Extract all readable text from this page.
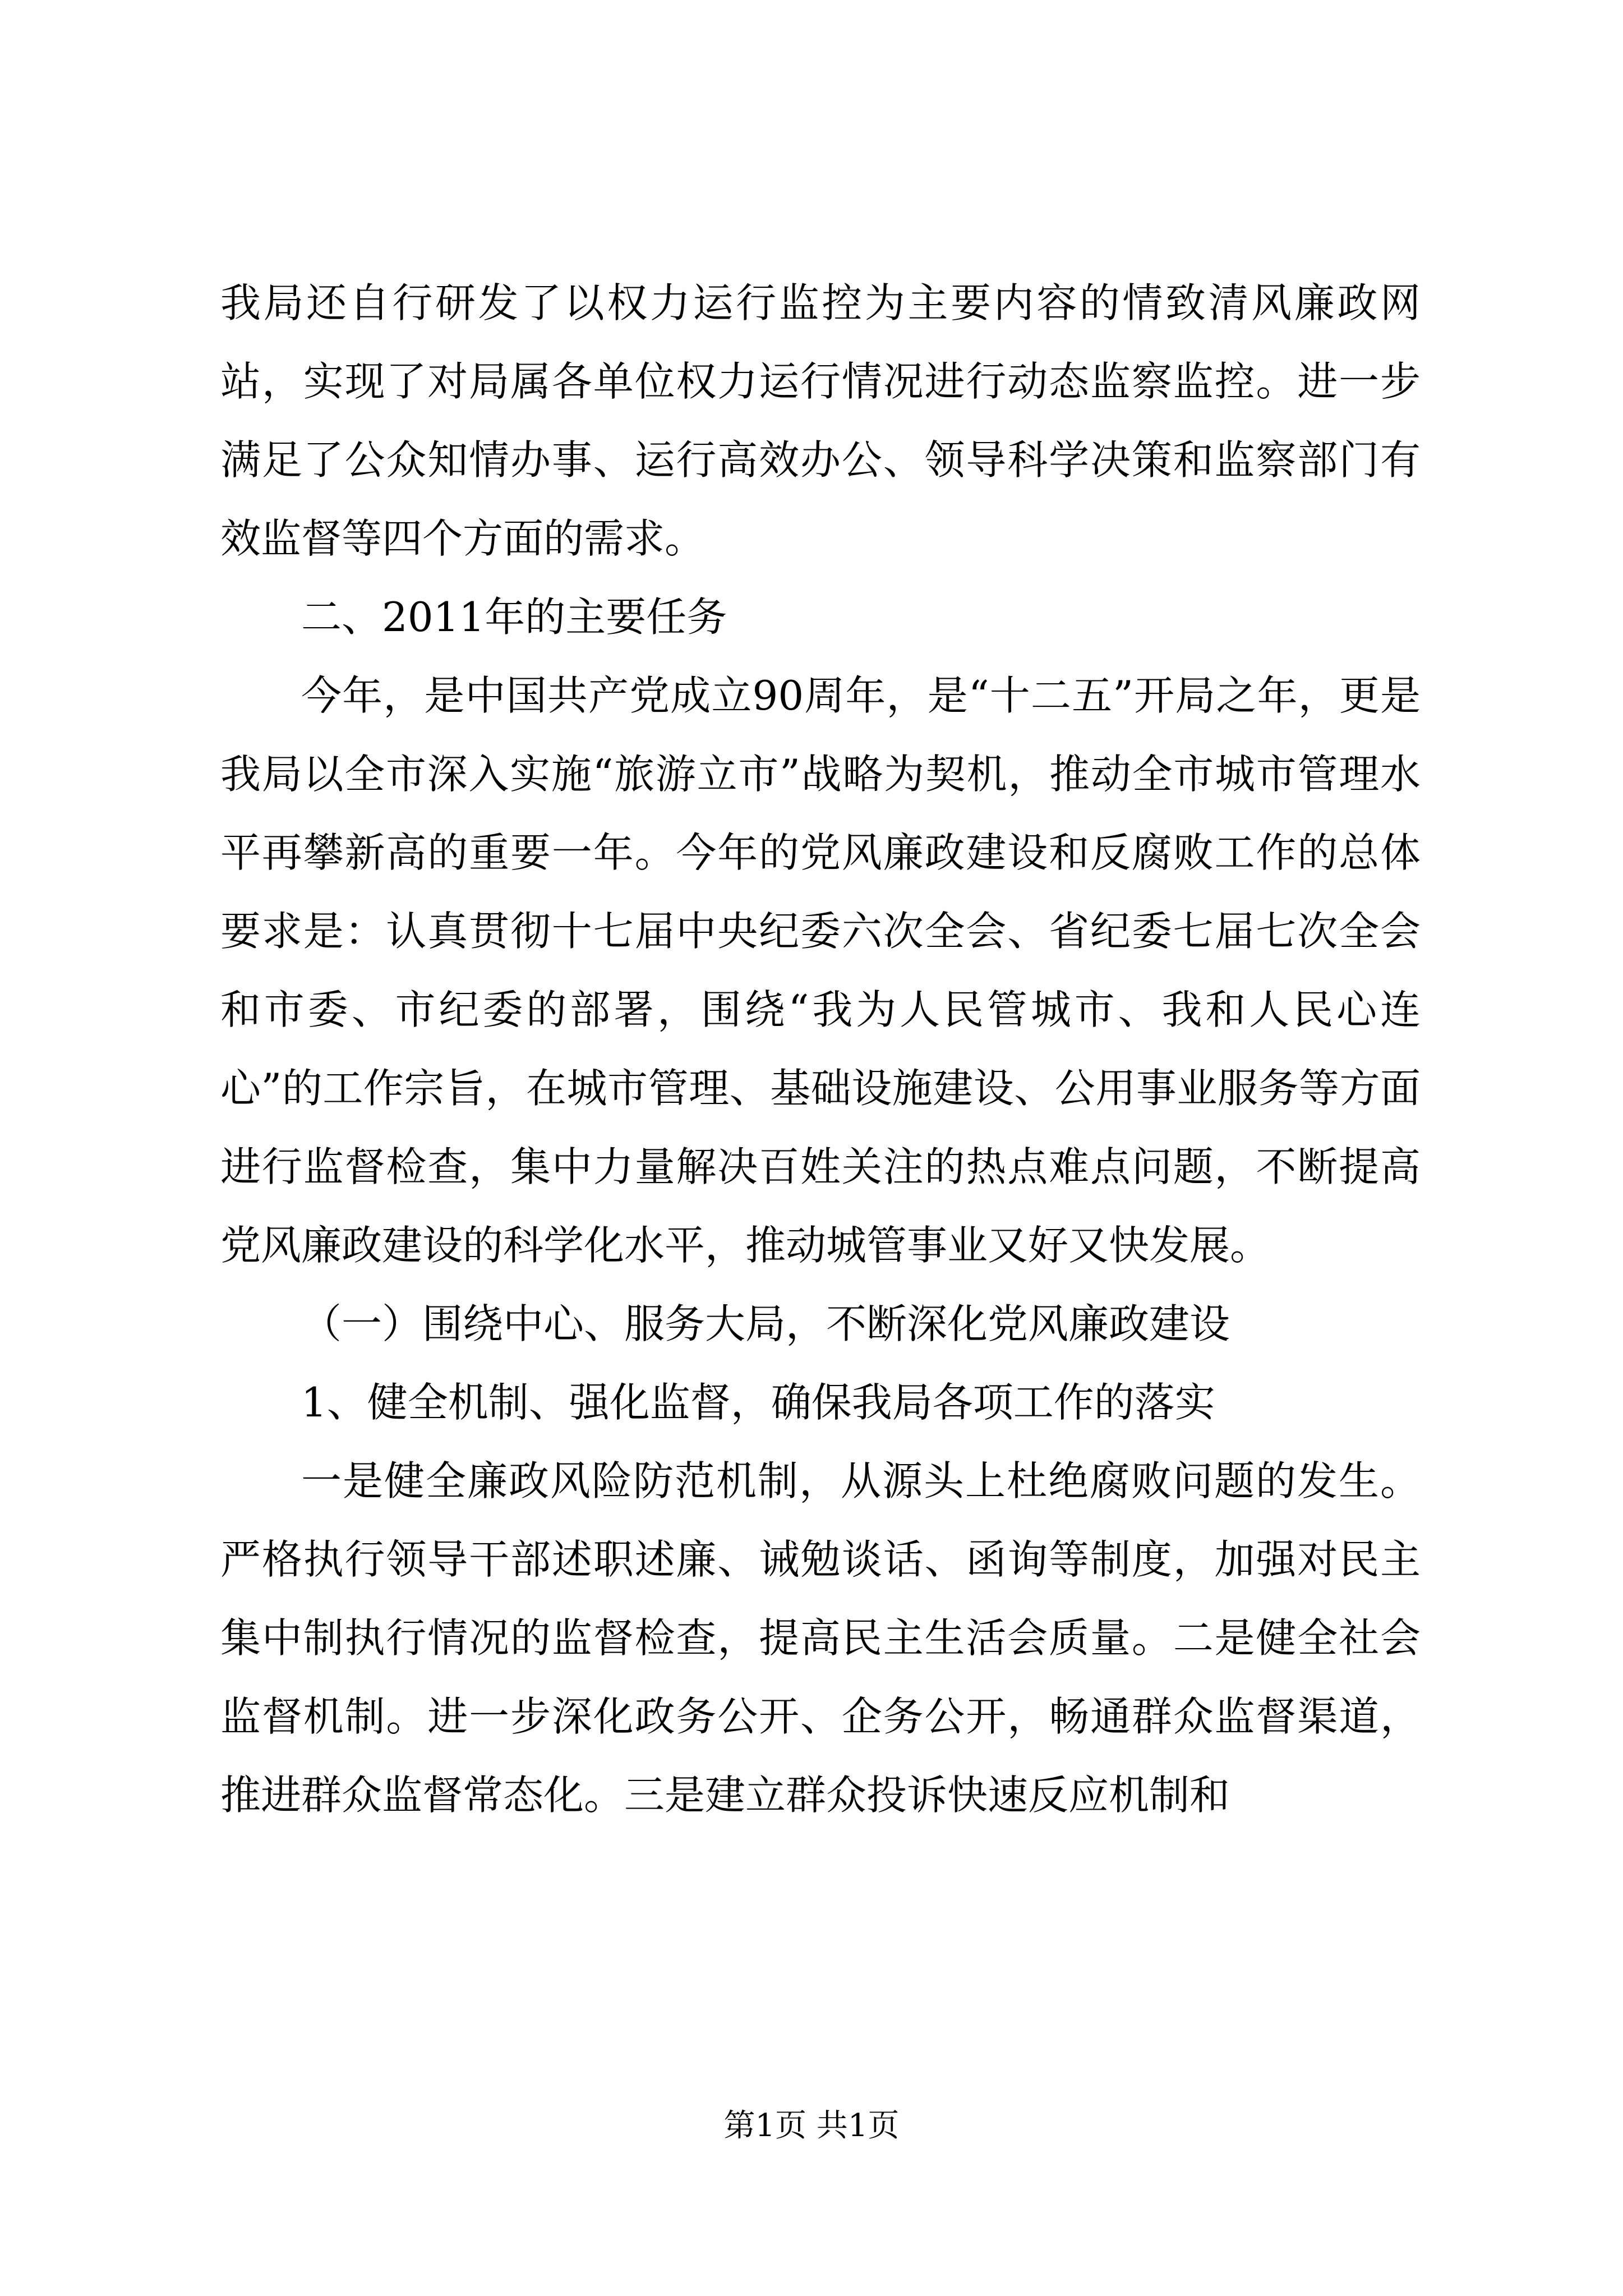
我局还自行研发了以权力运行监控为主要内容的情致清风廉政网站，实现了对局属各单位权力运行情况进行动态监察监控。进一步满足了公众知情办事、运行高效办公、领导科学决策和监察部门有效监督等四个方面的需求。

二、2011年的主要任务

今年，是中国共产党成立90周年，是“十二五”开局之年，更是我局以全市深入实施“旅游立市”战略为契机，推动全市城市管理水平再攀新高的重要一年。今年的党风廉政建设和反腐败工作的总体要求是：认真贯彻十七届中央纪委六次全会、省纪委七届七次全会和市委、市纪委的部署，围绕“我为人民管城市、我和人民心连心”的工作宗旨，在城市管理、基础设施建设、公用事业服务等方面进行监督检查，集中力量解决百姓关注的热点难点问题，不断提高党风廉政建设的科学化水平，推动城管事业又好又快发展。

（一）围绕中心、服务大局，不断深化党风廉政建设

1、健全机制、强化监督，确保我局各项工作的落实

一是健全廉政风险防范机制，从源头上杜绝腐败问题的发生。严格执行领导干部述职述廉、诫勉谈话、函询等制度，加强对民主集中制执行情况的监督检查，提高民主生活会质量。二是健全社会监督机制。进一步深化政务公开、企务公开，畅通群众监督渠道，推进群众监督常态化。三是建立群众投诉快速反应机制和

第1页 共1页
